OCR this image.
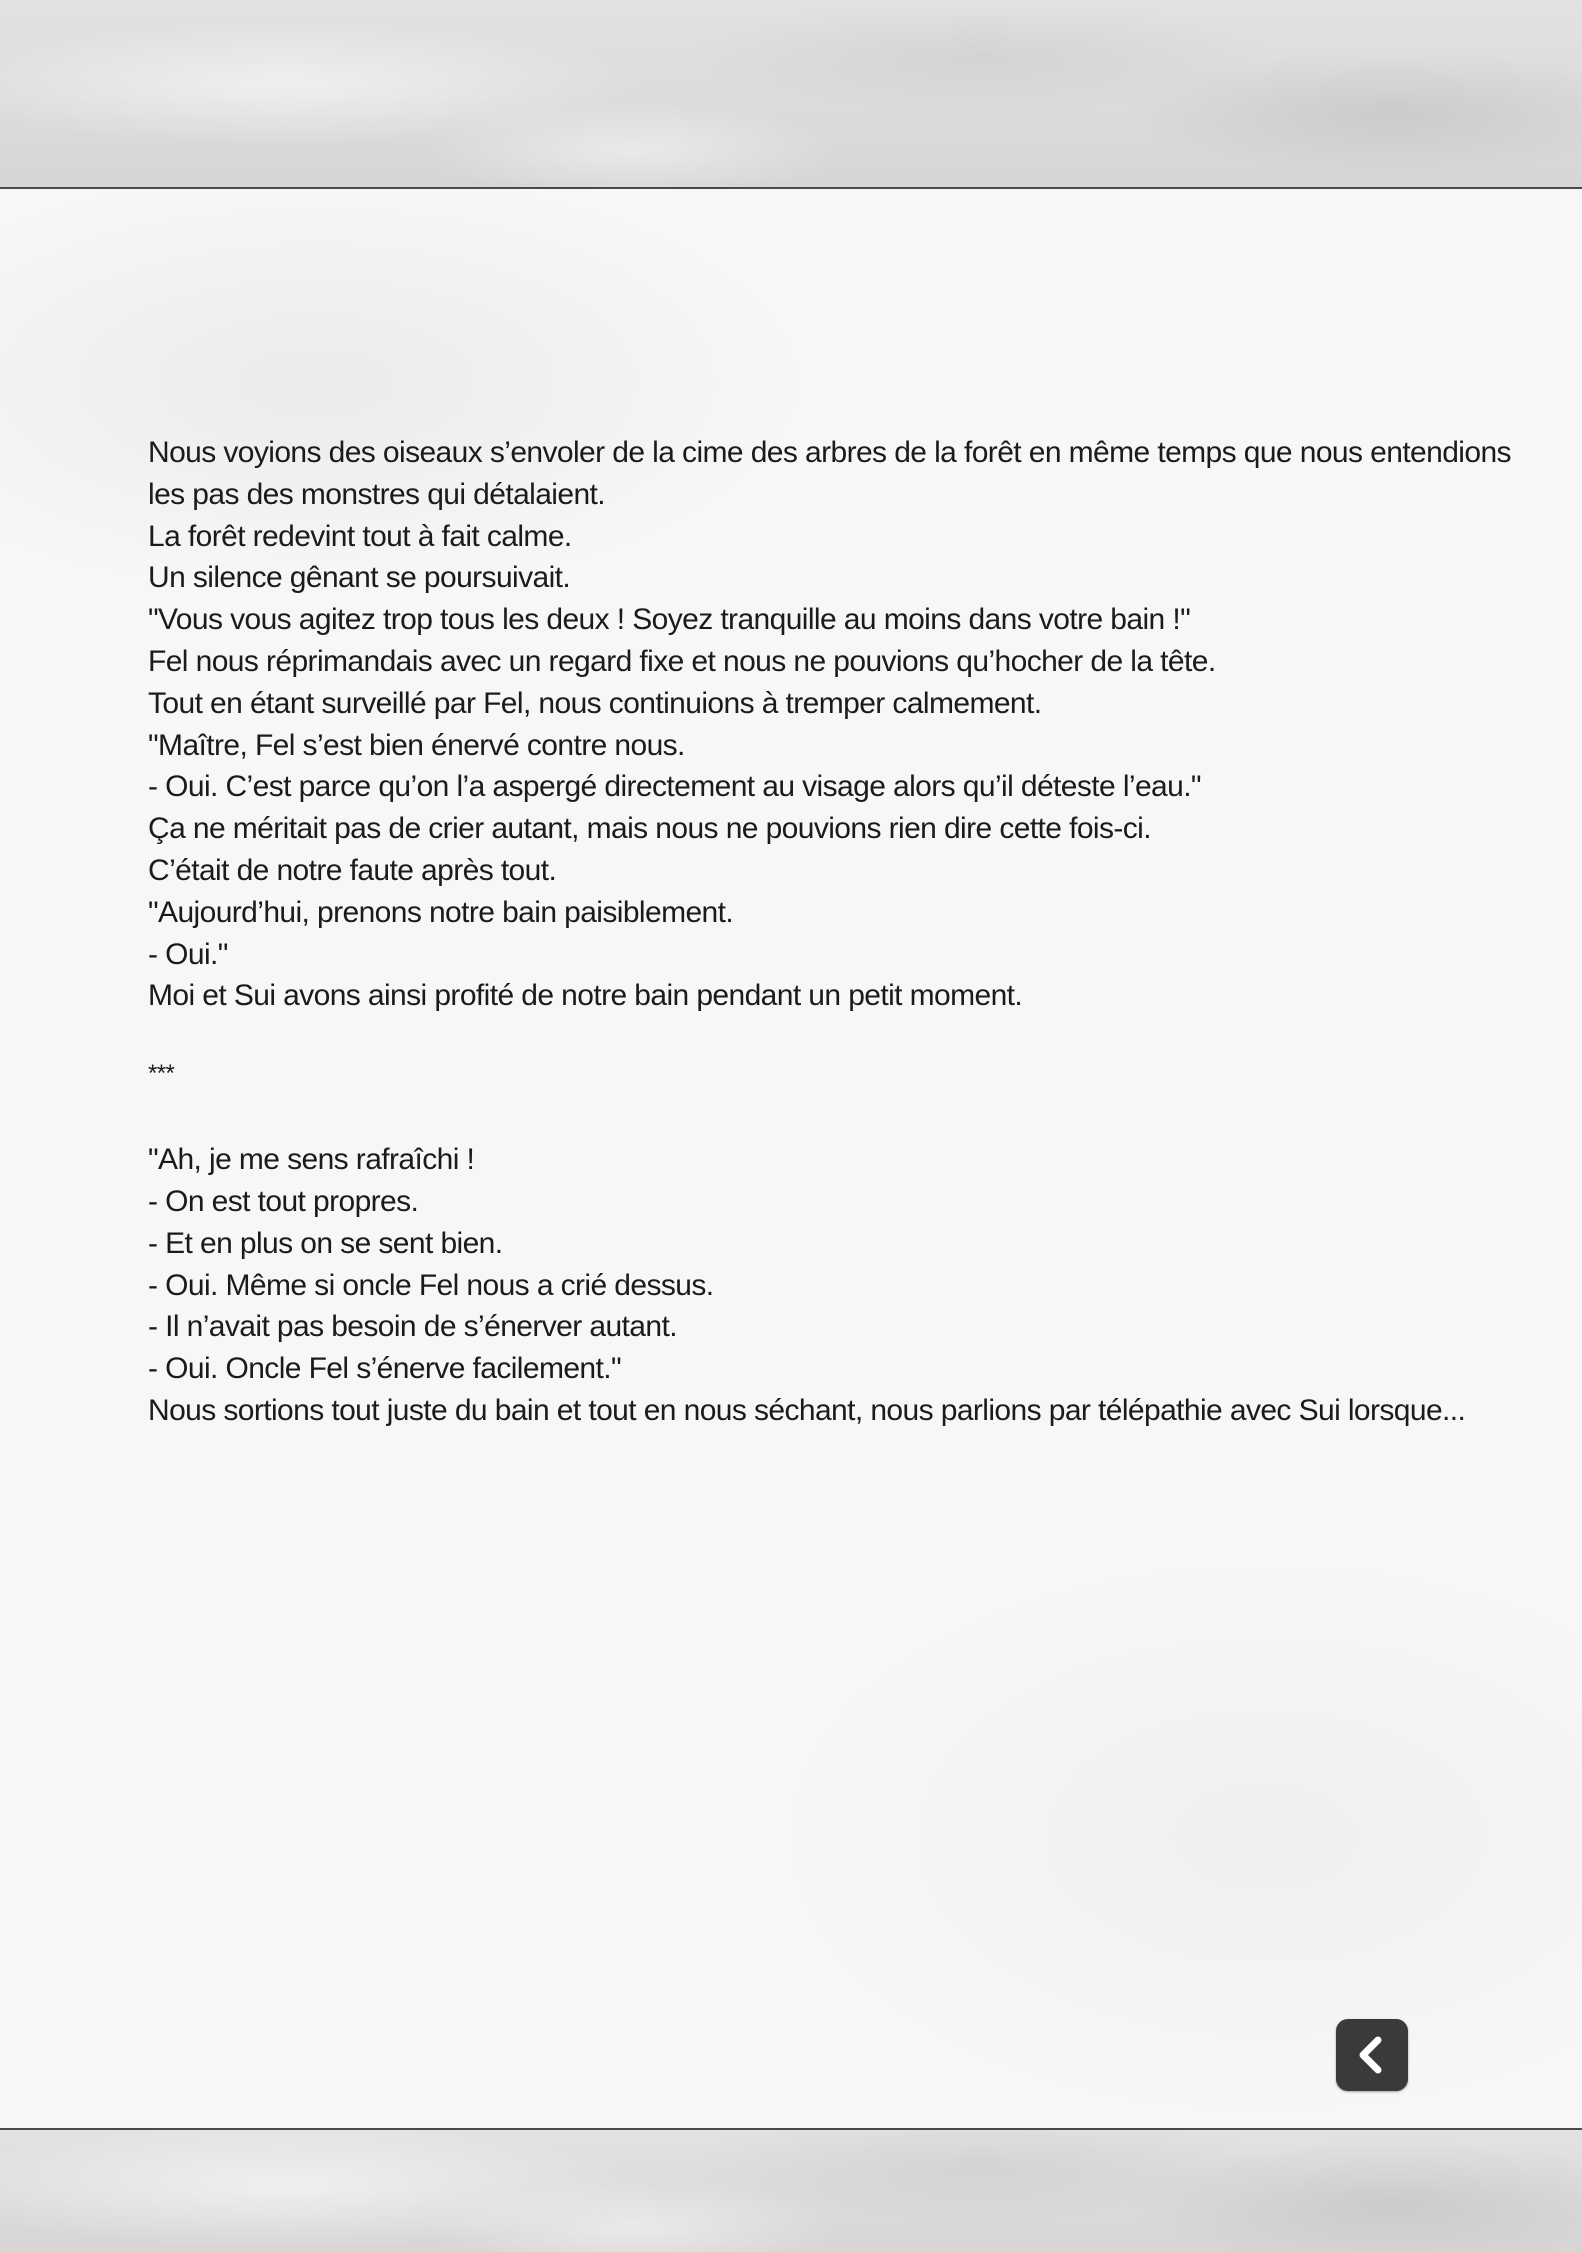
Nous voyions des oiseaux s’envoler de la cime des arbres de la forêt en même temps que nous entendions

les pas des monstres qui détalaient.

La forêt redevint tout à fait calme.

Un silence gênant se poursuivait.

"Vous vous agitez trop tous les deux ! Soyez tranquille au moins dans votre bain !"

Fel nous réprimandais avec un regard fixe et nous ne pouvions qu’hocher de la tête.

Tout en étant surveillé par Fel, nous continuions à tremper calmement.

"Maître, Fel s’est bien énervé contre nous.

- Oui. C’est parce qu’on l’a aspergé directement au visage alors qu’il déteste l’eau."

Ça ne méritait pas de crier autant, mais nous ne pouvions rien dire cette fois-ci.

C’était de notre faute après tout.

"Aujourd’hui, prenons notre bain paisiblement.

- Oui."

Moi et Sui avons ainsi profité de notre bain pendant un petit moment.

***

"Ah, je me sens rafraîchi !

- On est tout propres.

- Et en plus on se sent bien.

- Oui. Même si oncle Fel nous a crié dessus.

- Il n’avait pas besoin de s’énerver autant.

- Oui. Oncle Fel s’énerve facilement."

Nous sortions tout juste du bain et tout en nous séchant, nous parlions par télépathie avec Sui lorsque...
